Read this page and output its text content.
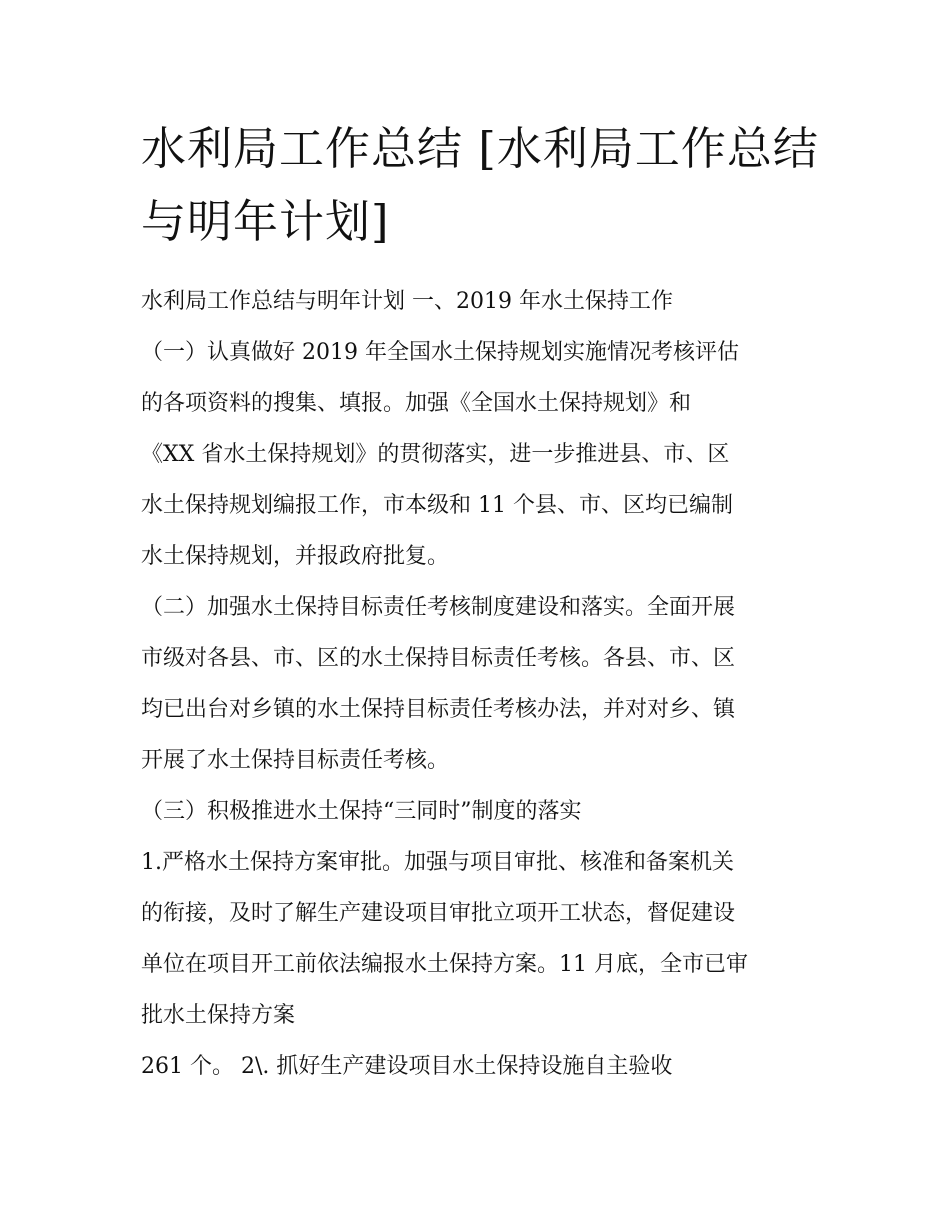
水利局工作总结 [水利局工作总结与明年计划]

水利局工作总结与明年计划 一、2019 年水土保持工作

（一）认真做好 2019 年全国水土保持规划实施情况考核评估

的各项资料的搜集、填报。加强《全国水土保持规划》和

《XX 省水土保持规划》的贯彻落实，进一步推进县、市、区

水土保持规划编报工作，市本级和 11 个县、市、区均已编制

水土保持规划，并报政府批复。

（二）加强水土保持目标责任考核制度建设和落实。全面开展

市级对各县、市、区的水土保持目标责任考核。各县、市、区

均已出台对乡镇的水土保持目标责任考核办法，并对对乡、镇

开展了水土保持目标责任考核。

（三）积极推进水土保持“三同时”制度的落实

1.严格水土保持方案审批。加强与项目审批、核准和备案机关

的衔接，及时了解生产建设项目审批立项开工状态，督促建设

单位在项目开工前依法编报水土保持方案。11 月底，全市已审

批水土保持方案

261 个。 2\. 抓好生产建设项目水土保持设施自主验收
